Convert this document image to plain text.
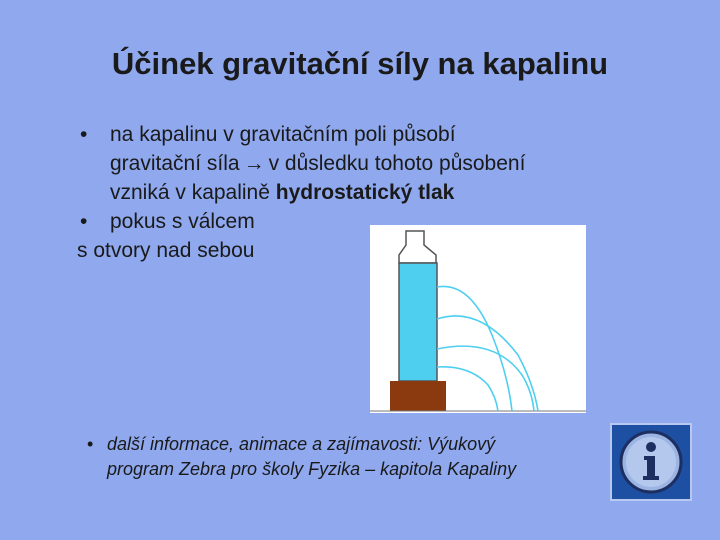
Účinek gravitační síly na kapalinu
•	na kapalinu v gravitačním poli působí
gravitační síla → v důsledku tohoto působení
vzniká v kapalině hydrostatický tlak
•	pokus s válcem
s otvory nad sebou
• další informace, animace a zajímavosti: Výukový
program Zebra pro školy Fyzika – kapitola Kapaliny
